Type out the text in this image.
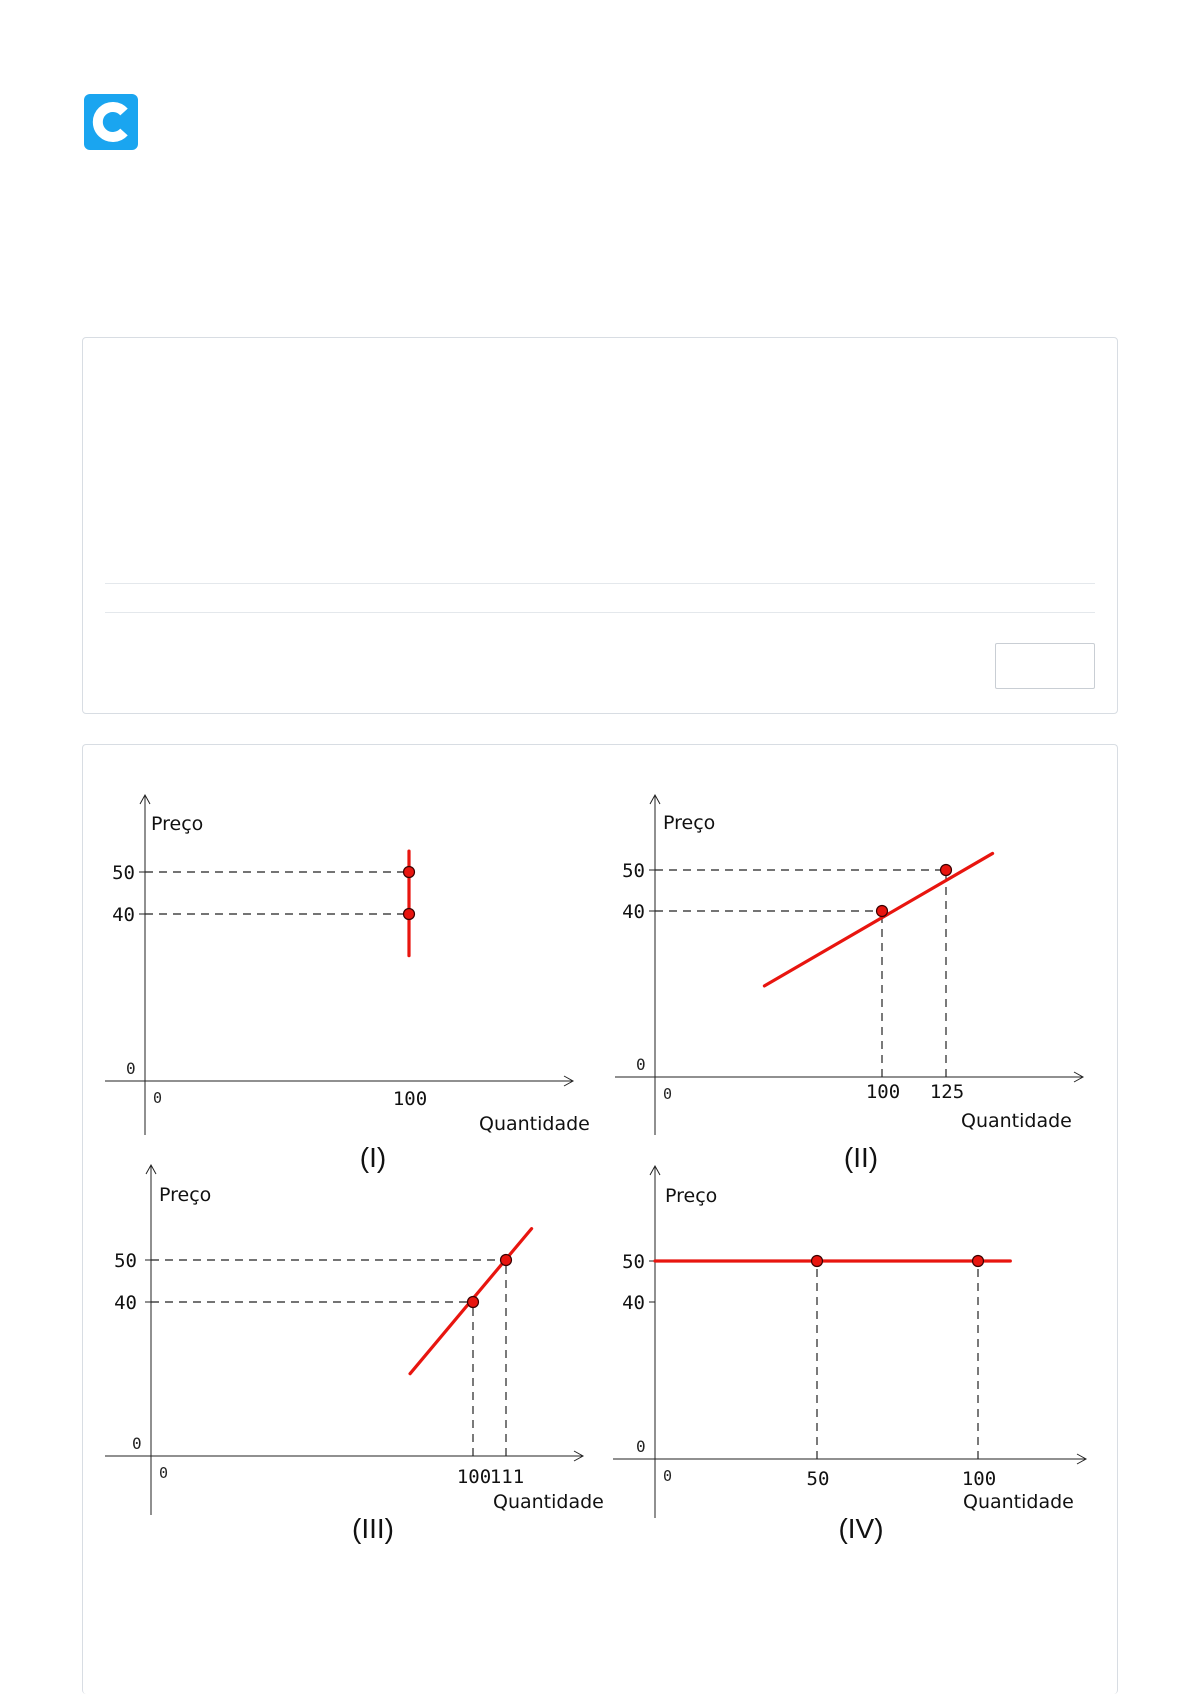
0
0
Preço
Quantidade
50
40
100
(I)
0
0
Preço
Quantidade
50
40
100 125
(II)
0
0
Preço
Quantidade
50
40
100
111
(III)
0
0
Preço
Quantidade
50
40
50	100
(IV)
